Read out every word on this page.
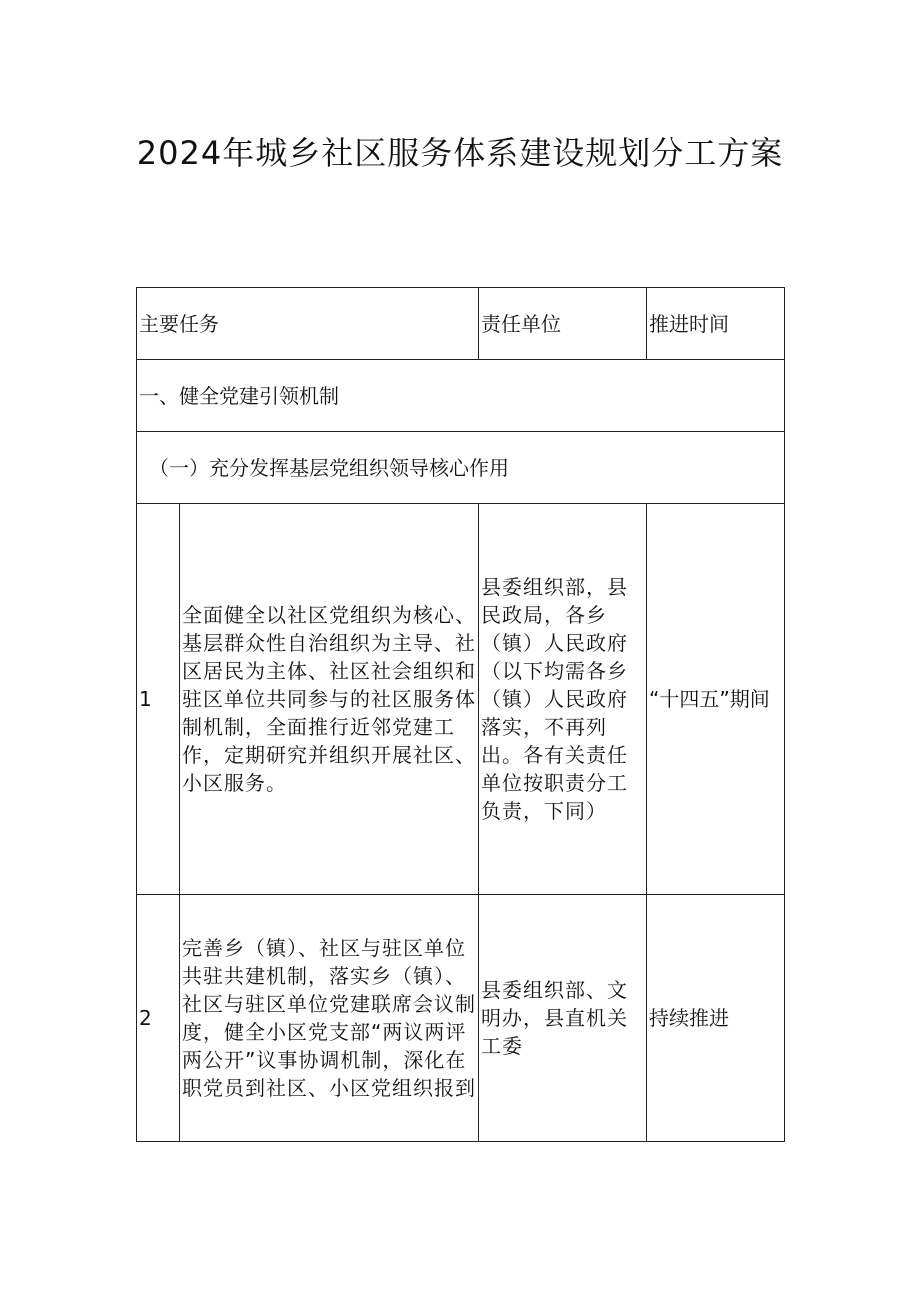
2024年城乡社区服务体系建设规划分工方案
主要任务		责任单位	推进时间
一、健全党建引领机制			
（一）充分发挥基层党组织领导核心作用			
1	全面健全以社区党组织为核心、基层群众性自治组织为主导、社区居民为主体、社区社会组织和驻区单位共同参与的社区服务体制机制，全面推行近邻党建工作，定期研究并组织开展社区、小区服务。	县委组织部，县民政局，各乡（镇）人民政府（以下均需各乡（镇）人民政府落实，不再列出。各有关责任单位按职责分工负责，下同）	“十四五”期间
2	完善乡（镇）、社区与驻区单位共驻共建机制，落实乡（镇）、社区与驻区单位党建联席会议制度，健全小区党支部“两议两评两公开”议事协调机制，深化在职党员到社区、小区党组织报到	县委组织部、文明办，县直机关工委	持续推进
